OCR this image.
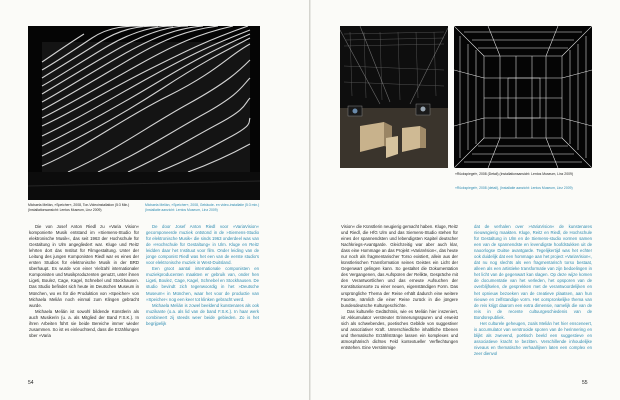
Michaela Melián, »Speicher«, 2008, Ton-Videoinstallation (5:3 Min.)
(Installationsansicht: Lentos Museum, Linz 2009)
Michaela Melián, »Speicher«, 2008, Gebäude- en video-installatie (5:3 min.)
(Installatie aanzicht: Lentos Museum, Linz 2009)

Die von Josef Anton Riedl zu »Varia Vision« komponierte Musik entstand im »Siemens-Studio für elektronische Musik«, das seit 1963 der Hochschule für Gestaltung in Ulm angegliedert war. Kluge und Reitz lehrten dort das Institut für Filmgestaltung. Unter der Leitung des jungen Komponisten Riedl war es eines der ersten Studios für elektronische Musik in der BRD überhaupt. Es wurde von einer Vielzahl internationaler Komponisten und Musikproduzenten genutzt, unter ihnen Ligeti, Boulez, Cage, Kagel, Schnebel und Stockhausen. Das Studio befindet sich heute im Deutschen Museum in München, wo es für die Produktion von »Speicher« von Michaela Melián noch einmal zum Klingen gebracht wurde.

Michaela Melián ist sowohl bildende Künstlerin als auch Musikerin (u. a. als Mitglied der Band F.S.K.). In ihren Arbeiten führt sie beide Bereiche immer wieder zusammen. So ist es einleuchtend, dass die Erzählungen über »Varia

De door Josef Anton Riedl voor »VariaVision« gecomponeerde muziek ontstond in de »Siemens-Studio für elektronische Musik« die sinds 1963 onderdeel was van de »Hochschule für Gestaltung« in Ulm. Kluge en Reitz leidden daar het Instituut voor film. Onder leiding van de jonge componist Riedl was het een van de eerste studio's voor elektronische muziek in West-Duitsland.

Een groot aantal internationale componisten en muziekproducenten maakten er gebruik van, onder hen Ligeti, Boulez, Cage, Kagel, Schnebel en Stockhausen. De studio bevindt zich tegenwoordig in het »Deutsche Museum« in München, waar het voor de productie van »Speicher« nog een keer tot klinken gebracht werd.

Michaela Melián is zowel beeldend kunstenares als ook muzikante (o.a. als lid van de band F.S.K.). In haar werk combineert zij steeds weer beide gebieden. Zo is het begrijpelijk

54
»Rückspiegel«, 2008 (Detail) (Installationsansicht: Lentos Museum, Linz 2009)
»Rückspiegel«, 2008 (detail), (Installatie aanzicht: Lentos Museum, Linz 2009)

Vision« die Künstlerin neugierig gemacht haben. Kluge, Reitz und Riedl, die HfG Ulm und das Siemens-Studio stehen für eines der spannendsten und lebendigsten Kapitel deutscher Nachkriegs-Avantgarde. Gleichzeitig war aber auch klar, dass eine Hommage an das Projekt »VariaVision«, das heute nur noch als fragmentarischer Torso existiert, allein aus der künstlerischen Transformation seines Geistes ein Licht der Gegenwart gelingen kann. So gestaltet die Dokumentation des Vergangenen, das Aufspüren der Relikte, Gespräche mit den Verantwortlichen und das erneute Aufsuchen der Konstitutionsorte zu einer neuen, eigenständigen Form. Das ursprüngliche Thema der Reise erhält dadurch eine weitere Facette, nämlich die einer Reise zurück in die jüngere bundesdeutsche Kulturgeschichte.

Das kulturelle Gedächtnis, wie es Melián hier inszeniert, ist Akkumulator verstreuter Erinnerungsspuren und erweist sich als schwebendes, poetisches Gebilde von suggestiver und assoziativer Kraft. Unterschiedliche inhaltliche Ebenen und thematische Erzählstränge lassen ein komplexes und atmosphärisch dichtes Feld kontextueller Verflechtungen entstehen. Eine Verstimmige

dat de verhalen over »VariaVision« de kunstenares nieuwsgierig maakten. Kluge, Reitz en Riedl, de Hochschule für Gestaltung in Ulm en de Siemens-studio vormen samen een van de spannendste en levendigste hoofdstukken uit de naoorlogse Duitse avantgarde. Tegelijkertijd was het echter ook duidelijk dat een hommage aan het project »VariaVision«, dat nu nog slechts als een fragmentarisch torso bestaat, alleen als een artistieke transformatie van zijn bedoelingen in het licht van de gegenwart kan slagen. Op deze wijze komen de documentatie van het verleden, het opsporen van de overblijfselen, de gesprekken met de verantwoordelijken en het opnieuw bezoeken van de creatieve plaatsen, aan hun nieuwe en zelfstandige vorm. Het oorspronkelijke thema van de reis krijgt daarom een extra dimensie, namelijk die van de reis in de recente cultuurgeschiedenis van de Bondsrepubliek.

Het culturele geheugen, zoals Melián het hier ensceneert, is accumulator van verstrooide sporen van de herinnering en blijkt als zwevend, poëtisch beeld een suggestieve en associatieve kracht te bezitten. Verschillende inhoudelijke niveaus en thematische verhaallijnen laten een complex en zeer dienvol

55
